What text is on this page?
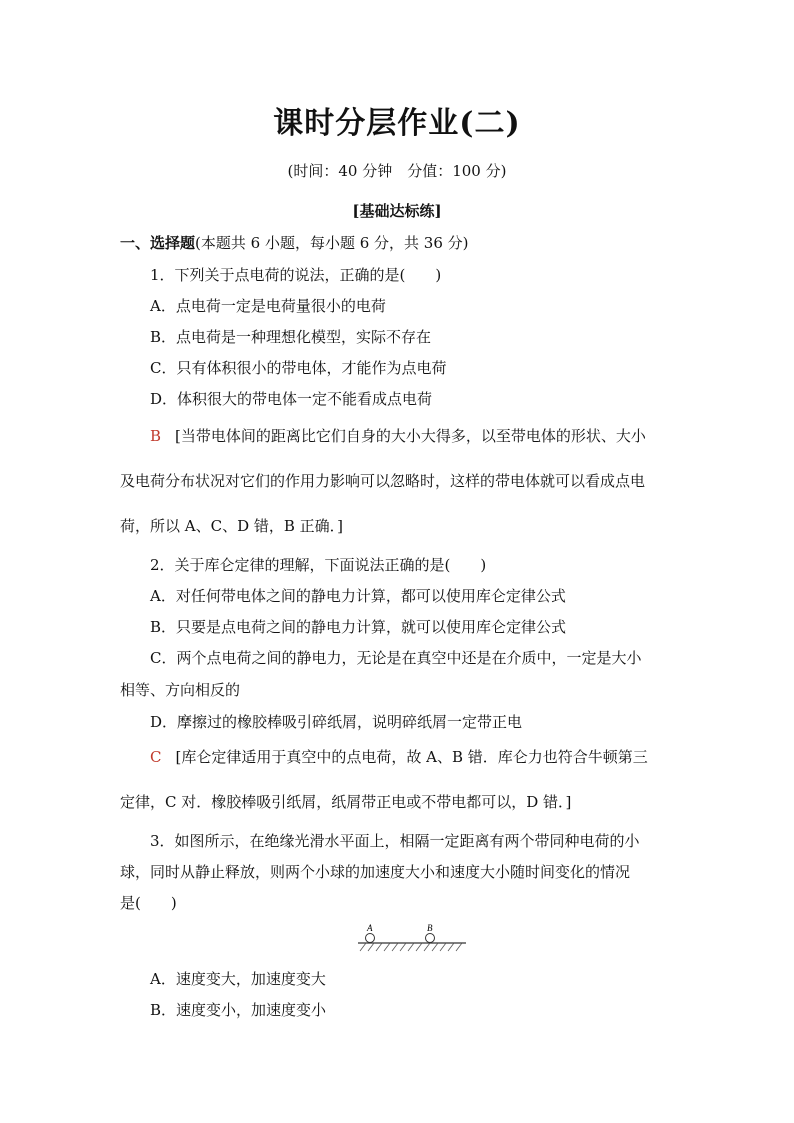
课时分层作业(二)
(时间：40 分钟　分值：100 分)
[基础达标练]
一、选择题(本题共 6 小题，每小题 6 分，共 36 分)
1．下列关于点电荷的说法，正确的是(　　)
A．点电荷一定是电荷量很小的电荷
B．点电荷是一种理想化模型，实际不存在
C．只有体积很小的带电体，才能作为点电荷
D．体积很大的带电体一定不能看成点电荷
B [当带电体间的距离比它们自身的大小大得多，以至带电体的形状、大小
及电荷分布状况对它们的作用力影响可以忽略时，这样的带电体就可以看成点电
荷，所以 A、C、D 错，B 正确．]
2．关于库仑定律的理解，下面说法正确的是(　　)
A．对任何带电体之间的静电力计算，都可以使用库仑定律公式
B．只要是点电荷之间的静电力计算，就可以使用库仑定律公式
C．两个点电荷之间的静电力，无论是在真空中还是在介质中，一定是大小
相等、方向相反的
D．摩擦过的橡胶棒吸引碎纸屑，说明碎纸屑一定带正电
C [库仑定律适用于真空中的点电荷，故 A、B 错．库仑力也符合牛顿第三
定律，C 对．橡胶棒吸引纸屑，纸屑带正电或不带电都可以，D 错．]
3．如图所示，在绝缘光滑水平面上，相隔一定距离有两个带同种电荷的小
球，同时从静止释放，则两个小球的加速度大小和速度大小随时间变化的情况
是(　　)
A	B
A．速度变大，加速度变大
B．速度变小，加速度变小
